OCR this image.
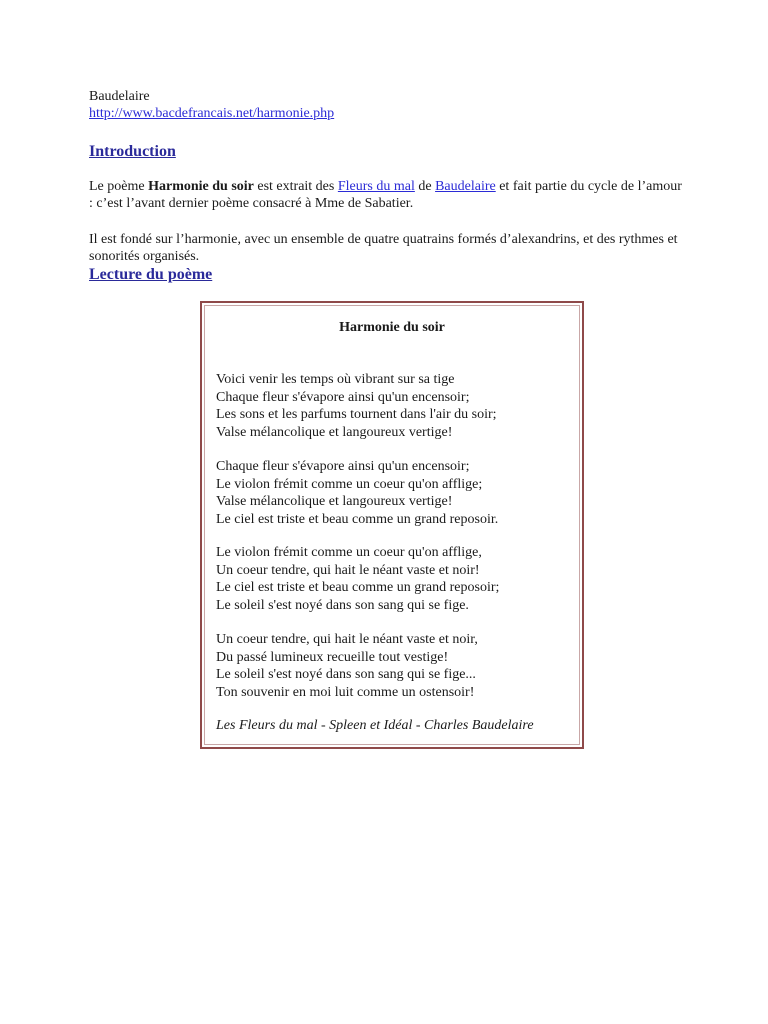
Baudelaire

http://www.bacdefrancais.net/harmonie.php
Introduction

Le poème Harmonie du soir est extrait des Fleurs du mal de Baudelaire et fait partie du cycle de l’amour : c’est l’avant dernier poème consacré à Mme de Sabatier.

Il est fondé sur l’harmonie, avec un ensemble de quatre quatrains formés d’alexandrins, et des rythmes et sonorités organisés.

Lecture du poème

Harmonie du soir

Voici venir les temps où vibrant sur sa tige
Chaque fleur s'évapore ainsi qu'un encensoir;
Les sons et les parfums tournent dans l'air du soir;
Valse mélancolique et langoureux vertige!
Chaque fleur s'évapore ainsi qu'un encensoir;
Le violon frémit comme un coeur qu'on afflige;
Valse mélancolique et langoureux vertige!
Le ciel est triste et beau comme un grand reposoir.
Le violon frémit comme un coeur qu'on afflige,
Un coeur tendre, qui hait le néant vaste et noir!
Le ciel est triste et beau comme un grand reposoir;
Le soleil s'est noyé dans son sang qui se fige.
Un coeur tendre, qui hait le néant vaste et noir,
Du passé lumineux recueille tout vestige!
Le soleil s'est noyé dans son sang qui se fige...
Ton souvenir en moi luit comme un ostensoir!

Les Fleurs du mal - Spleen et Idéal - Charles Baudelaire
